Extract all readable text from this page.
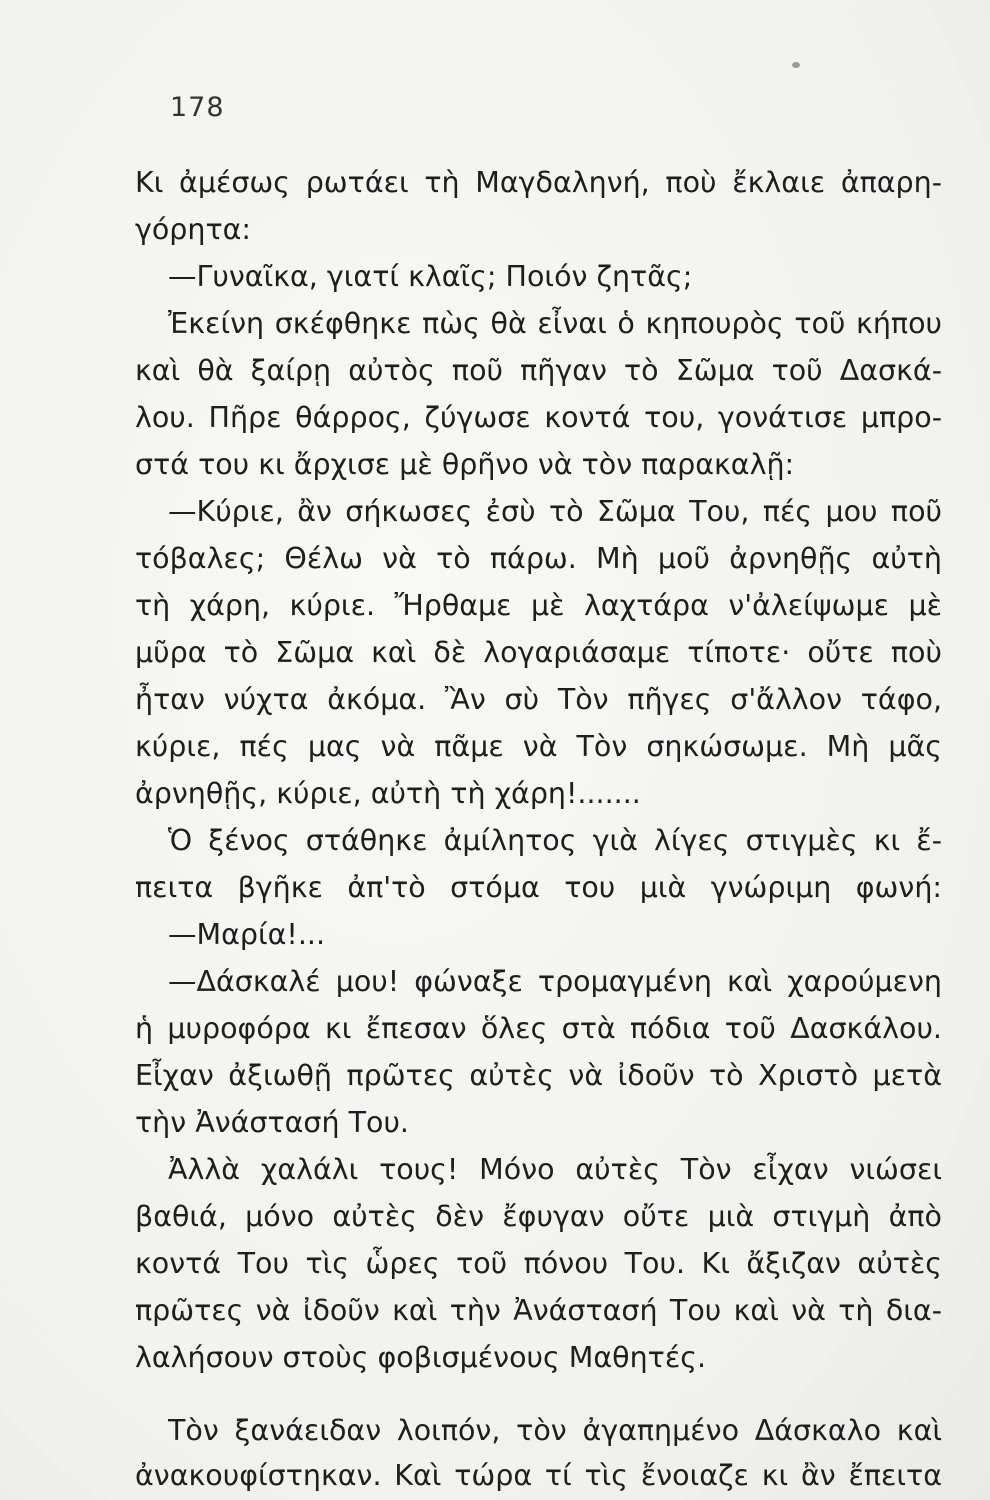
178
Κι ἀμέσως ρωτάει τὴ Μαγδαληνή, ποὺ ἔκλαιε ἀπαρη-
γόρητα:
—Γυναῖκα, γιατί κλαῖς; Ποιόν ζητᾶς;
Ἐκείνη σκέφθηκε πὼς θὰ εἶναι ὁ κηπουρὸς τοῦ κήπου
καὶ θὰ ξαίρῃ αὐτὸς ποῦ πῆγαν τὸ Σῶμα τοῦ Δασκά-
λου. Πῆρε θάρρος, ζύγωσε κοντά του, γονάτισε μπρο-
στά του κι ἄρχισε μὲ θρῆνο νὰ τὸν παρακαλῇ:
—Κύριε, ἂν σήκωσες ἐσὺ τὸ Σῶμα Του, πές μου ποῦ
τόβαλες; Θέλω νὰ τὸ πάρω. Μὴ μοῦ ἀρνηθῇς αὐτὴ
τὴ χάρη, κύριε. Ἤρθαμε μὲ λαχτάρα ν'ἀλείψωμε μὲ
μῦρα τὸ Σῶμα καὶ δὲ λογαριάσαμε τίποτε· οὔτε ποὺ
ἦταν νύχτα ἀκόμα. Ἂν σὺ Τὸν πῆγες σ'ἄλλον τάφο,
κύριε, πές μας νὰ πᾶμε νὰ Τὸν σηκώσωμε. Μὴ μᾶς
ἀρνηθῇς, κύριε, αὐτὴ τὴ χάρη!.......
Ὁ ξένος στάθηκε ἀμίλητος γιὰ λίγες στιγμὲς κι ἔ-
πειτα βγῆκε ἀπ'τὸ στόμα του μιὰ γνώριμη φωνή:
—Μαρία!...
—Δάσκαλέ μου! φώναξε τρομαγμένη καὶ χαρούμενη
ἡ μυροφόρα κι ἔπεσαν ὅλες στὰ πόδια τοῦ Δασκάλου.
Εἶχαν ἀξιωθῇ πρῶτες αὐτὲς νὰ ἰδοῦν τὸ Χριστὸ μετὰ
τὴν Ἀνάστασή Του.
Ἀλλὰ χαλάλι τους! Μόνο αὐτὲς Τὸν εἶχαν νιώσει
βαθιά, μόνο αὐτὲς δὲν ἔφυγαν οὔτε μιὰ στιγμὴ ἀπὸ
κοντά Του τὶς ὧρες τοῦ πόνου Του. Κι ἄξιζαν αὐτὲς
πρῶτες νὰ ἰδοῦν καὶ τὴν Ἀνάστασή Του καὶ νὰ τὴ δια-
λαλήσουν στοὺς φοβισμένους Μαθητές.
Τὸν ξανάειδαν λοιπόν, τὸν ἀγαπημένο Δάσκαλο καὶ
ἀνακουφίστηκαν. Καὶ τώρα τί τὶς ἔνοιαζε κι ἂν ἔπειτα
